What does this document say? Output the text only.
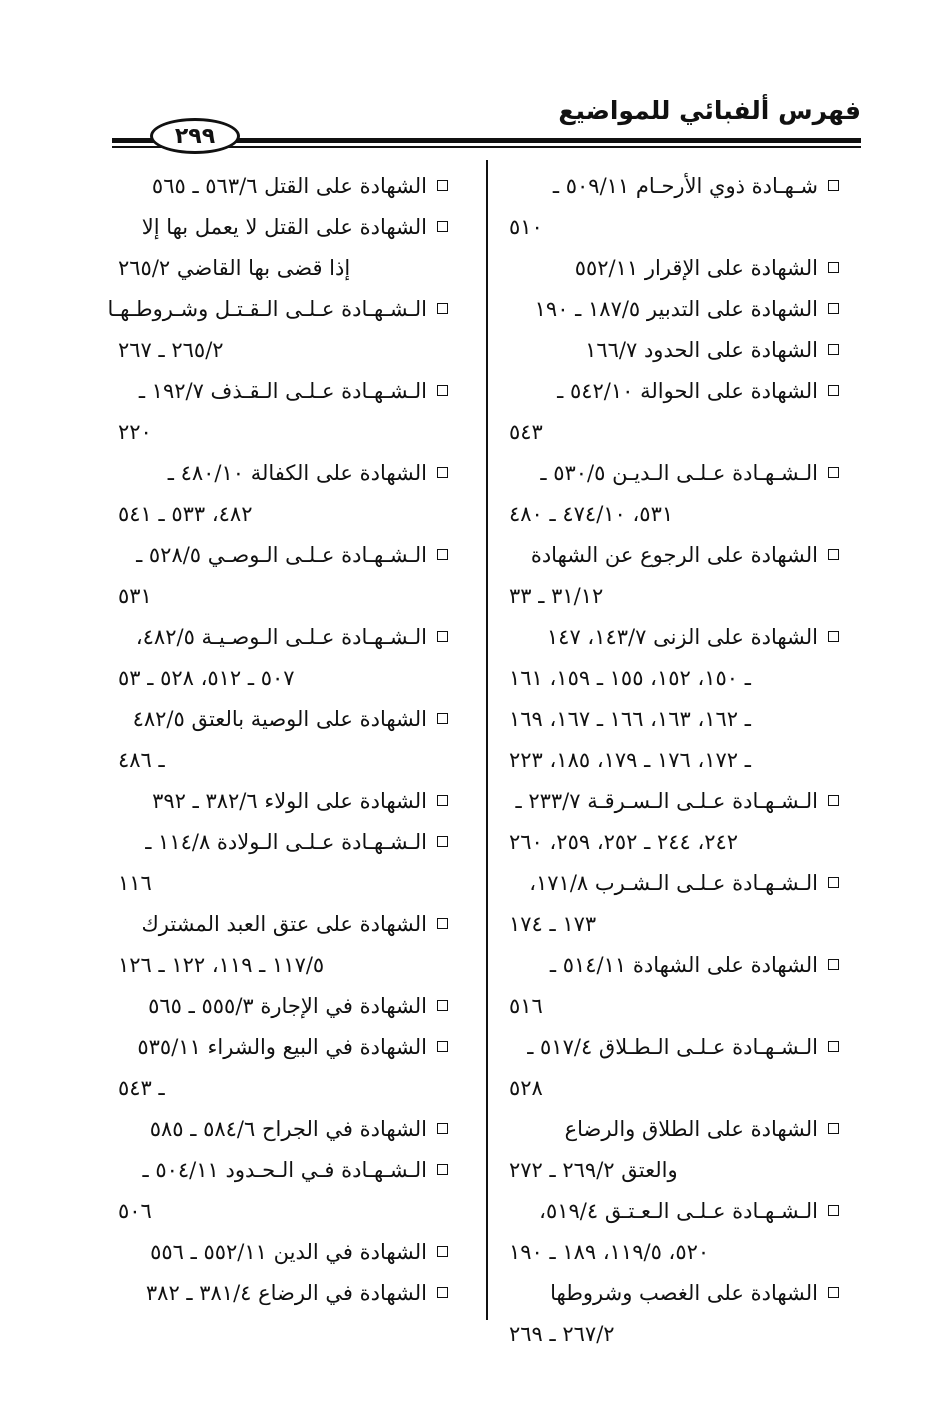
فهرس ألفبائي للمواضيع
٢٩٩
شـهـادة ذوي الأرحـام ٥٠٩/١١ ـ
٥١٠
الشهادة على الإقرار ٥٥٢/١١
الشهادة على التدبير ١٨٧/٥ ـ ١٩٠
الشهادة على الحدود ١٦٦/٧
الشهادة على الحوالة ٥٤٢/١٠ ـ
٥٤٣
الـشـهـادة عـلـى الـديـن ٥٣٠/٥ ـ
٥٣١، ٤٧٤/١٠ ـ ٤٨٠
الشهادة على الرجوع عن الشهادة
٣١/١٢ ـ ٣٣
الشهادة على الزنى ١٤٣/٧، ١٤٧
ـ ١٥٠، ١٥٢، ١٥٥ ـ ١٥٩، ١٦١
ـ ١٦٢، ١٦٣، ١٦٦ ـ ١٦٧، ١٦٩
ـ ١٧٢، ١٧٦ ـ ١٧٩، ١٨٥، ٢٢٣
الـشـهـادة عـلـى الـسـرقـة ٢٣٣/٧ ـ
٢٤٢، ٢٤٤ ـ ٢٥٢، ٢٥٩، ٢٦٠
الـشـهـادة عـلـى الـشـرب ١٧١/٨،
١٧٣ ـ ١٧٤
الشهادة على الشهادة ٥١٤/١١ ـ
٥١٦
الـشـهـادة عـلـى الـطـلاق ٥١٧/٤ ـ
٥٢٨
الشهادة على الطلاق والرضاع
والعتق ٢٦٩/٢ ـ ٢٧٢
الـشـهـادة عـلـى الـعـتـق ٥١٩/٤،
٥٢٠، ١١٩/٥، ١٨٩ ـ ١٩٠
الشهادة على الغصب وشروطها
٢٦٧/٢ ـ ٢٦٩
الشهادة على القتل ٥٦٣/٦ ـ ٥٦٥
الشهادة على القتل لا يعمل بها إلا
إذا قضى بها القاضي ٢٦٥/٢
الـشـهـادة عـلـى الـقـتـل وشـروطـهـا
٢٦٥/٢ ـ ٢٦٧
الـشـهـادة عـلـى الـقـذف ١٩٢/٧ ـ
٢٢٠
الشهادة على الكفالة ٤٨٠/١٠ ـ
٤٨٢، ٥٣٣ ـ ٥٤١
الـشـهـادة عـلـى الـوصـي ٥٢٨/٥ ـ
٥٣١
الـشـهـادة عـلـى الـوصـيـة ٤٨٢/٥،
٥٠٧ ـ ٥١٢، ٥٢٨ ـ ٥٣
الشهادة على الوصية بالعتق ٤٨٢/٥
ـ ٤٨٦
الشهادة على الولاء ٣٨٢/٦ ـ ٣٩٢
الـشـهـادة عـلـى الـولادة ١١٤/٨ ـ
١١٦
الشهادة على عتق العبد المشترك
١١٧/٥ ـ ١١٩، ١٢٢ ـ ١٢٦
الشهادة في الإجارة ٥٥٥/٣ ـ ٥٦٥
الشهادة في البيع والشراء ٥٣٥/١١
ـ ٥٤٣
الشهادة في الجراح ٥٨٤/٦ ـ ٥٨٥
الـشـهـادة فـي الـحـدود ٥٠٤/١١ ـ
٥٠٦
الشهادة في الدين ٥٥٢/١١ ـ ٥٥٦
الشهادة في الرضاع ٣٨١/٤ ـ ٣٨٢
